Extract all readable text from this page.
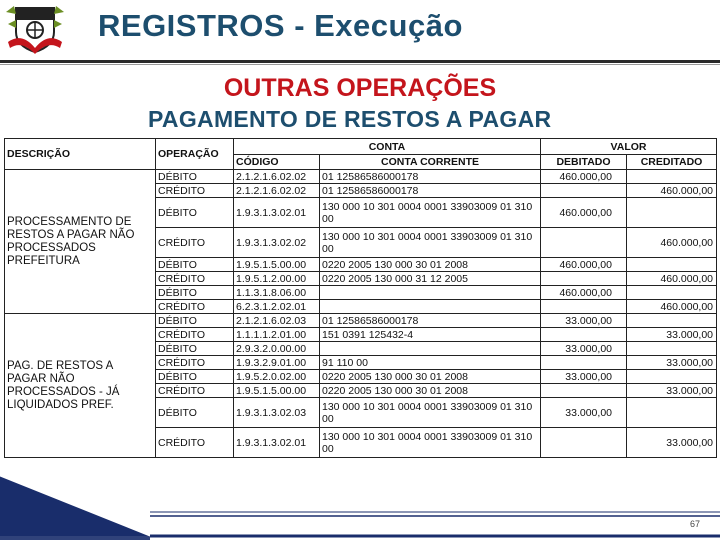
REGISTROS - Execução
OUTRAS OPERAÇÕES
PAGAMENTO DE RESTOS A PAGAR
DESCRIÇÃO	OPERAÇÃO	CONTA		VALOR	
		CÓDIGO	CONTA CORRENTE	DEBITADO	CREDITADO
PROCESSAMENTO DE RESTOS A PAGAR NÃO PROCESSADOS PREFEITURA	DÉBITO	2.1.2.1.6.02.02	01 12586586000178	460.000,00	
	CRÉDITO	2.1.2.1.6.02.02	01 12586586000178		460.000,00
	DÉBITO	1.9.3.1.3.02.01	130 000 10 301 0004 0001 33903009 01 310 00	460.000,00	
	CRÉDITO	1.9.3.1.3.02.02	130 000 10 301 0004 0001 33903009 01 310 00		460.000,00
	DÉBITO	1.9.5.1.5.00.00	0220 2005 130 000 30 01 2008	460.000,00	
	CRÉDITO	1.9.5.1.2.00.00	0220 2005 130 000 31 12 2005		460.000,00
	DÉBITO	1.1.3.1.8.06.00		460.000,00	
	CRÉDITO	6.2.3.1.2.02.01			460.000,00
PAG. DE RESTOS A PAGAR NÃO PROCESSADOS - JÁ LIQUIDADOS PREF.	DÉBITO	2.1.2.1.6.02.03	01 12586586000178	33.000,00	
	CRÉDITO	1.1.1.1.2.01.00	151 0391 125432-4		33.000,00
	DÉBITO	2.9.3.2.0.00.00		33.000,00	
	CRÉDITO	1.9.3.2.9.01.00	91 110 00		33.000,00
	DÉBITO	1.9.5.2.0.02.00	0220 2005 130 000 30 01 2008	33.000,00	
	CRÉDITO	1.9.5.1.5.00.00	0220 2005 130 000 30 01 2008		33.000,00
	DÉBITO	1.9.3.1.3.02.03	130 000 10 301 0004 0001 33903009 01 310 00	33.000,00	
	CRÉDITO	1.9.3.1.3.02.01	130 000 10 301 0004 0001 33903009 01 310 00		33.000,00
67
